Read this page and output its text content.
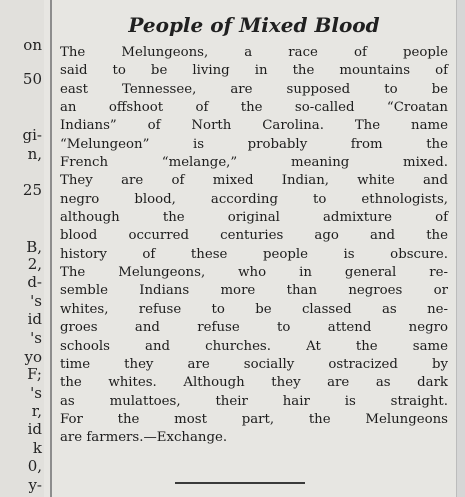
on
50
gi-
n,
25
B,
2,
d-
's
id
's
yo
F;
's
r,
id
k
0,
y-
People of Mixed Blood
The Melungeons, a race of people
said to be living in the mountains of
east Tennessee, are supposed to be
an offshoot of the so-called “Croatan
Indians” of North Carolina. The name
“Melungeon” is probably from the
French “melange,” meaning mixed.
They are of mixed Indian, white and
negro blood, according to ethnologists,
although the original admixture of
blood occurred centuries ago and the
history of these people is obscure.
The Melungeons, who in general re-
semble Indians more than negroes or
whites, refuse to be classed as ne-
groes and refuse to attend negro
schools and churches. At the same
time they are socially ostracized by
the whites. Although they are as dark
as mulattoes, their hair is straight.
For the most part, the Melungeons
are farmers.—Exchange.
